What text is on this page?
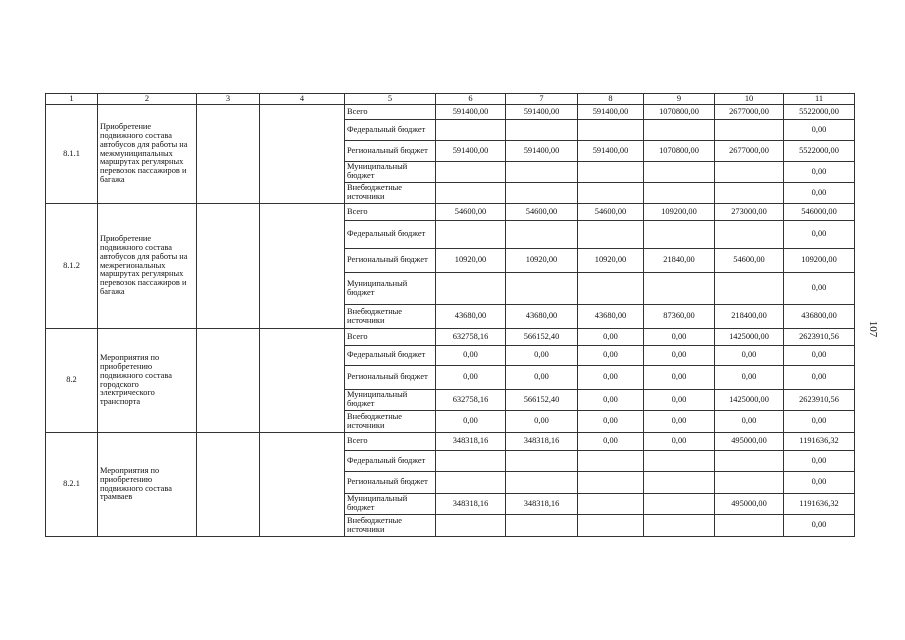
1	2	3	4	5	6	7	8	9	10	11
8.1.1	Приобретение подвижного состава автобусов для работы на межмуниципальных маршрутах регулярных перевозок пассажиров и багажа			Всего	591400,00	591400,00	591400,00	1070800,00	2677000,00	5522000,00
				Федеральный бюджет						0,00
				Региональный бюджет	591400,00	591400,00	591400,00	1070800,00	2677000,00	5522000,00
				Муниципальный бюджет						0,00
				Внебюджетные источники						0,00
8.1.2	Приобретение подвижного состава автобусов для работы на межрегиональных маршрутах регулярных перевозок пассажиров и багажа			Всего	54600,00	54600,00	54600,00	109200,00	273000,00	546000,00
				Федеральный бюджет						0,00
				Региональный бюджет	10920,00	10920,00	10920,00	21840,00	54600,00	109200,00
				Муниципальный бюджет						0,00
				Внебюджетные источники	43680,00	43680,00	43680,00	87360,00	218400,00	436800,00
8.2	Мероприятия по приобретению подвижного состава городского электрического транспорта			Всего	632758,16	566152,40	0,00	0,00	1425000,00	2623910,56
				Федеральный бюджет	0,00	0,00	0,00	0,00	0,00	0,00
				Региональный бюджет	0,00	0,00	0,00	0,00	0,00	0,00
				Муниципальный бюджет	632758,16	566152,40	0,00	0,00	1425000,00	2623910,56
				Внебюджетные источники	0,00	0,00	0,00	0,00	0,00	0,00
8.2.1	Мероприятия по приобретению подвижного состава трамваев			Всего	348318,16	348318,16	0,00	0,00	495000,00	1191636,32
				Федеральный бюджет						0,00
				Региональный бюджет						0,00
				Муниципальный бюджет	348318,16	348318,16			495000,00	1191636,32
				Внебюджетные источники						0,00
107
